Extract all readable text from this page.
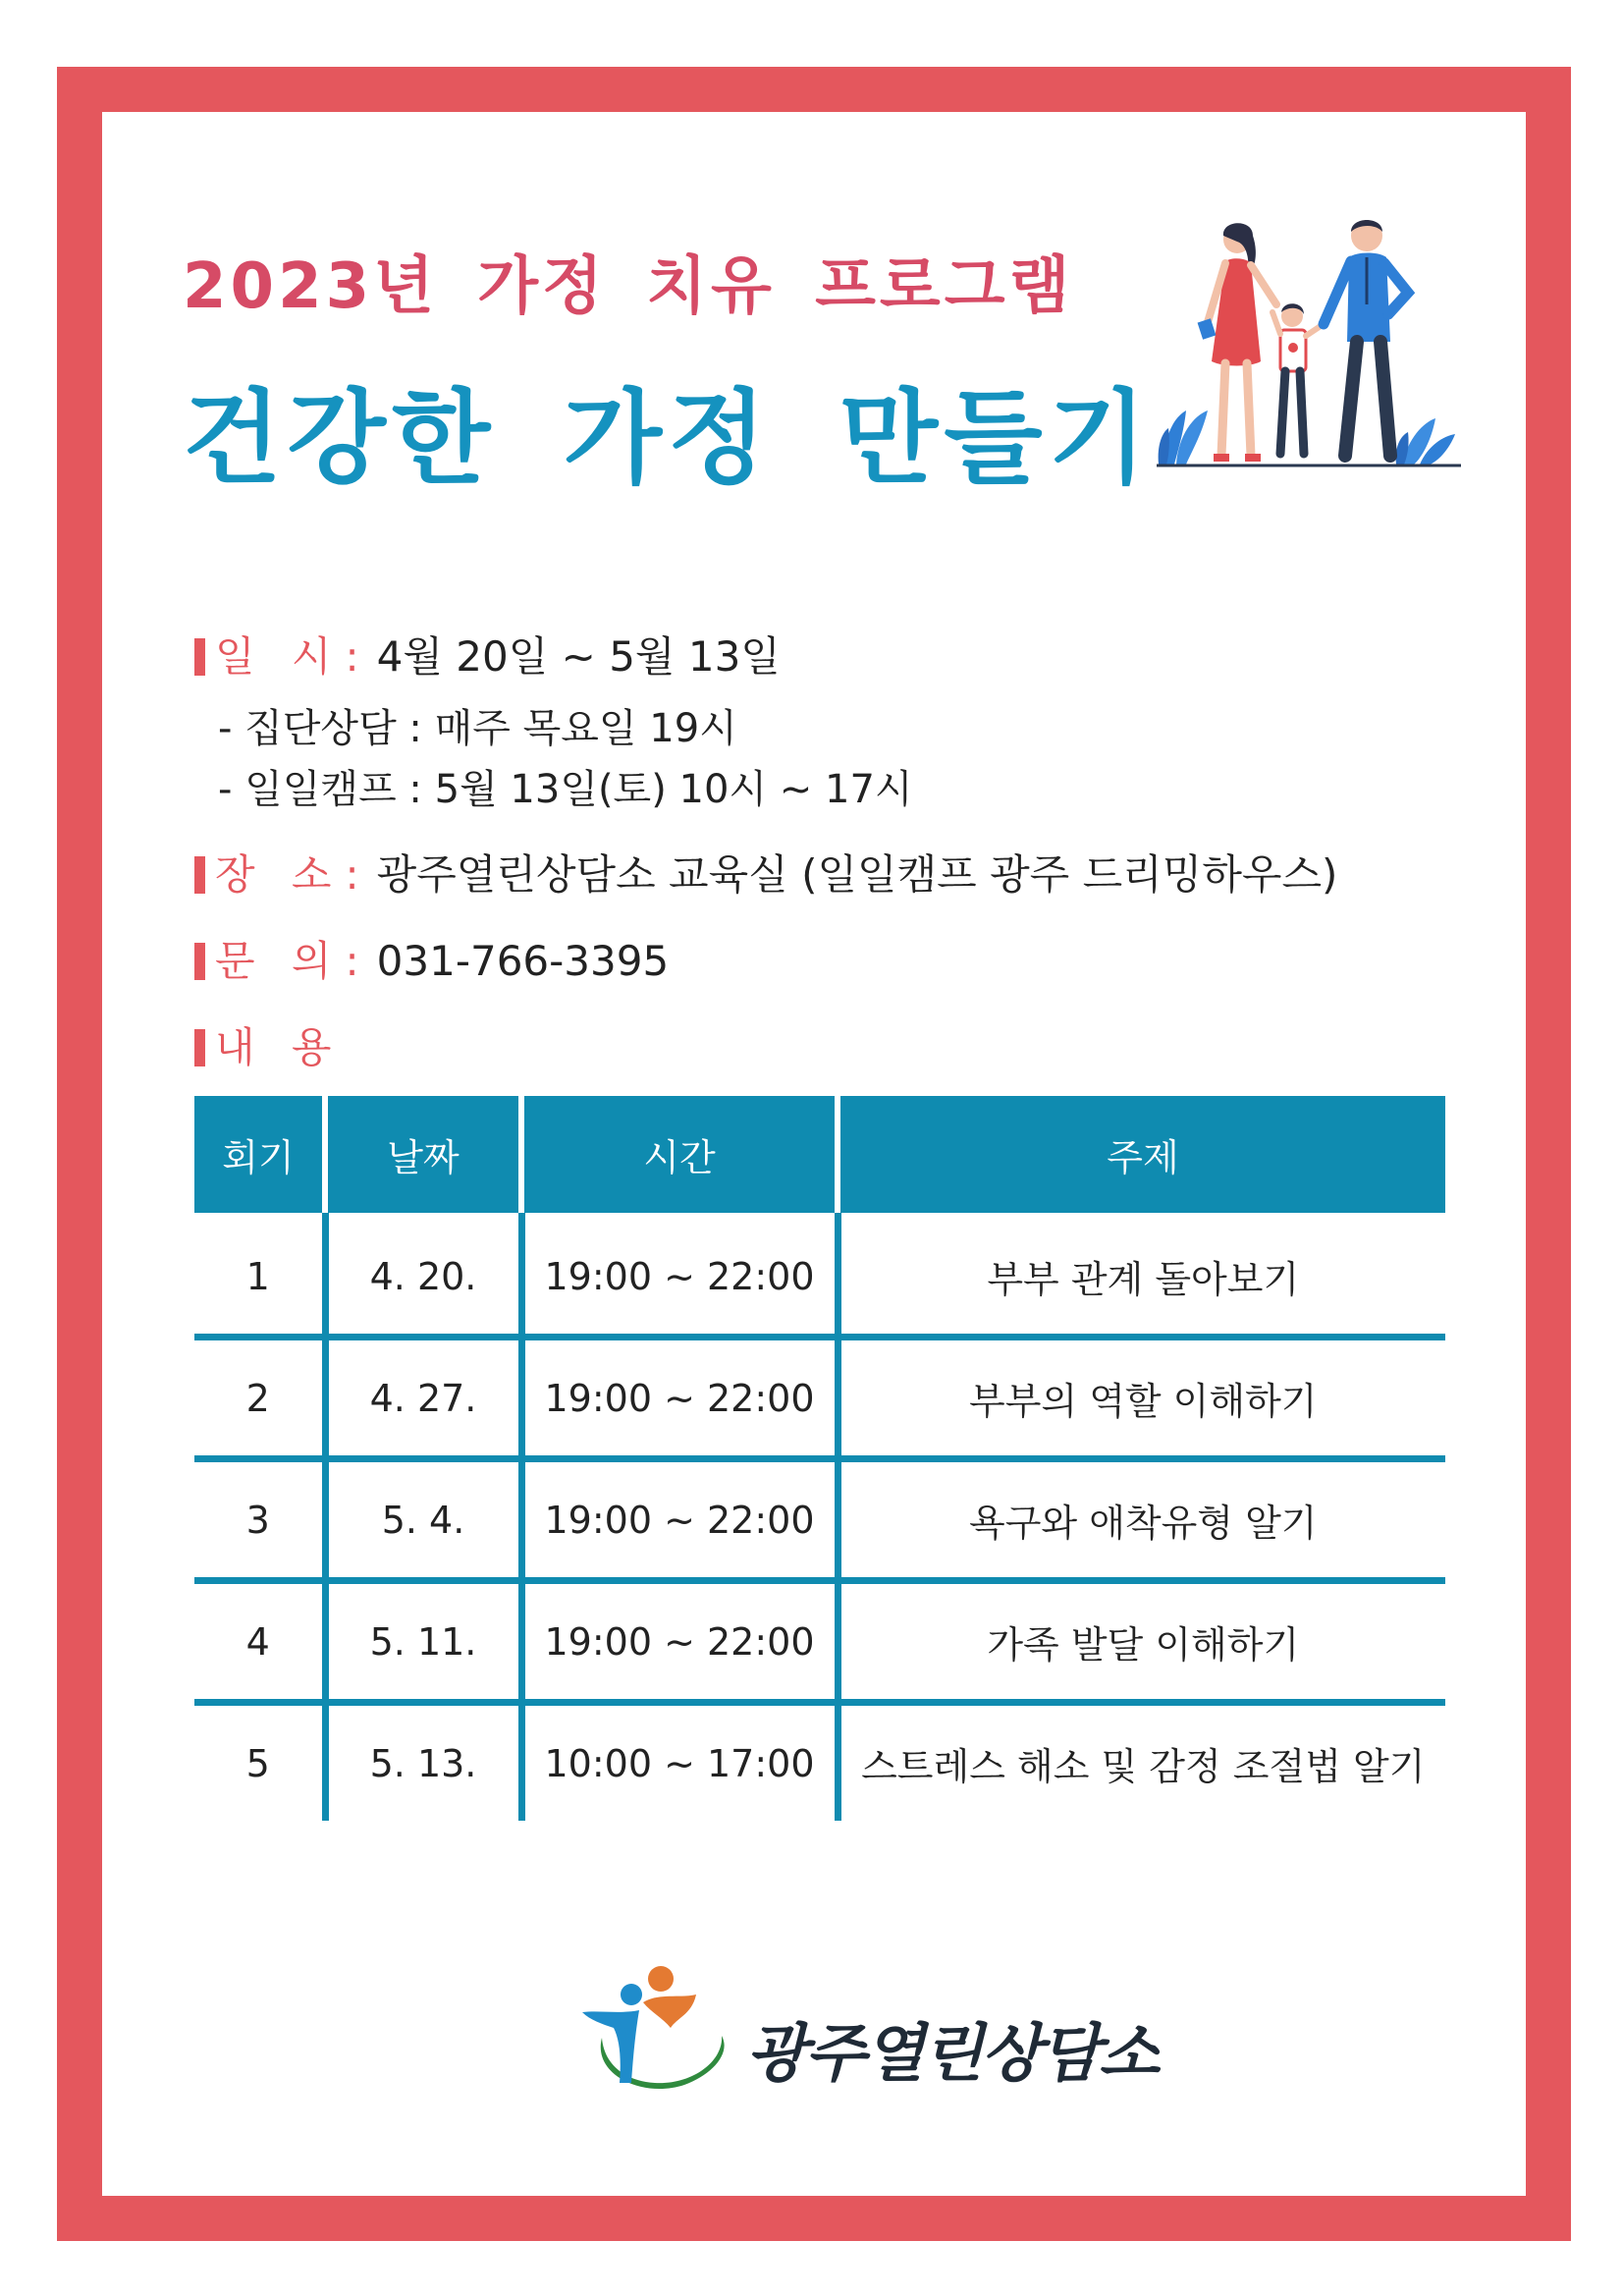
2023년 가정 치유 프로그램
건강한 가정 만들기
일 시: 4월 20일 ~ 5월 13일
- 집단상담 : 매주 목요일 19시
- 일일캠프 : 5월 13일(토) 10시 ~ 17시
장 소: 광주열린상담소 교육실 (일일캠프 광주 드리밍하우스)
문 의: 031-766-3395
내 용
회기	날짜	시간	주제
1	4. 20.	19:00 ~ 22:00	부부 관계 돌아보기
2	4. 27.	19:00 ~ 22:00	부부의 역할 이해하기
3	5. 4.	19:00 ~ 22:00	욕구와 애착유형 알기
4	5. 11.	19:00 ~ 22:00	가족 발달 이해하기
5	5. 13.	10:00 ~ 17:00	스트레스 해소 및 감정 조절법 알기
광주열린상담소
